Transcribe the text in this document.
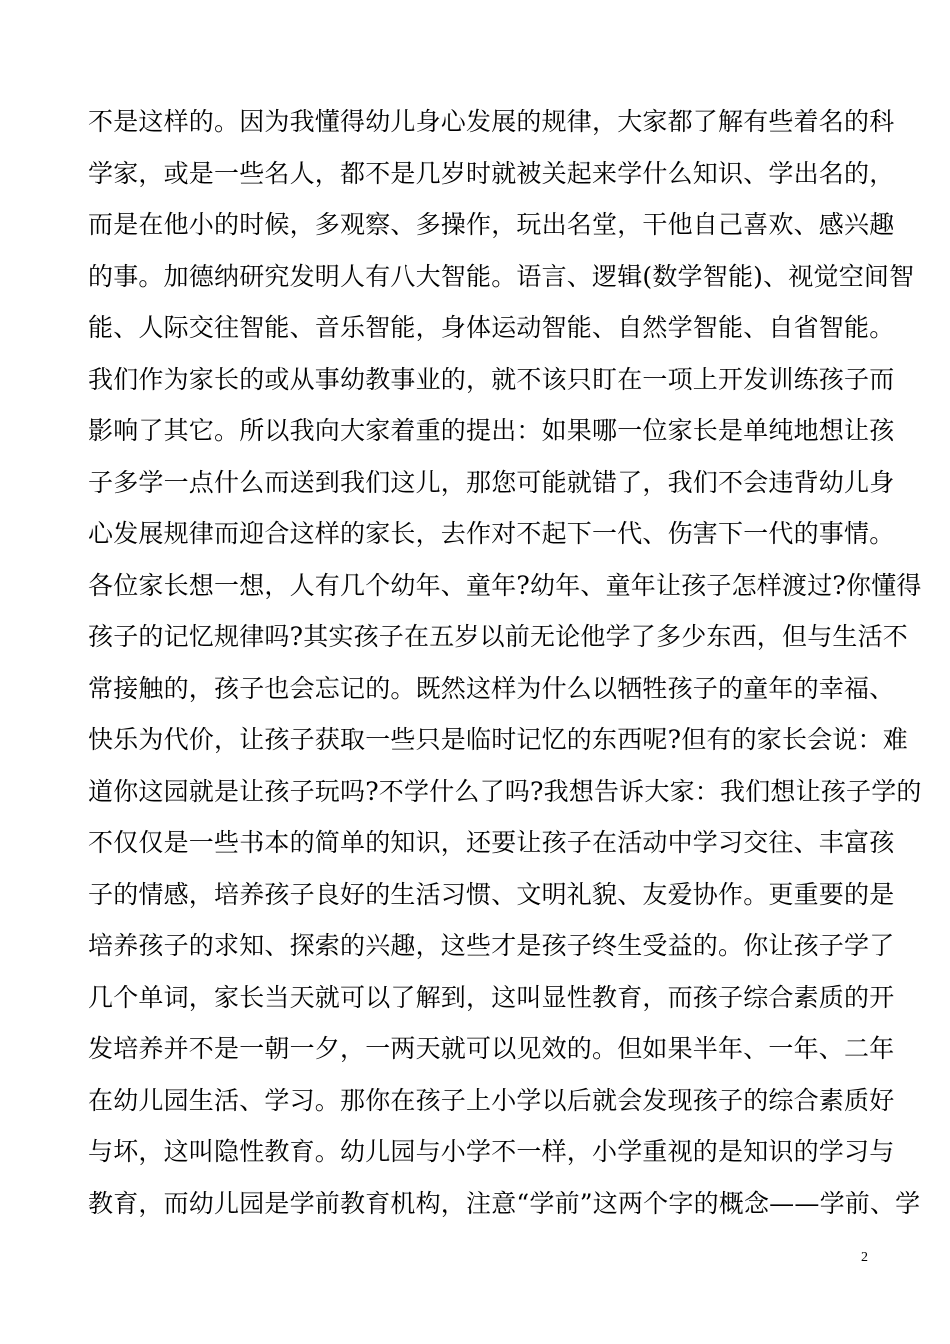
不是这样的。因为我懂得幼儿身心发展的规律，大家都了解有些着名的科
学家，或是一些名人，都不是几岁时就被关起来学什么知识、学出名的，
而是在他小的时候，多观察、多操作，玩出名堂，干他自己喜欢、感兴趣
的事。加德纳研究发明人有八大智能。语言、逻辑(数学智能)、视觉空间智
能、人际交往智能、音乐智能，身体运动智能、自然学智能、自省智能。
我们作为家长的或从事幼教事业的，就不该只盯在一项上开发训练孩子而
影响了其它。所以我向大家着重的提出：如果哪一位家长是单纯地想让孩
子多学一点什么而送到我们这儿，那您可能就错了，我们不会违背幼儿身
心发展规律而迎合这样的家长，去作对不起下一代、伤害下一代的事情。
各位家长想一想，人有几个幼年、童年?幼年、童年让孩子怎样渡过?你懂得
孩子的记忆规律吗?其实孩子在五岁以前无论他学了多少东西，但与生活不
常接触的，孩子也会忘记的。既然这样为什么以牺牲孩子的童年的幸福、
快乐为代价，让孩子获取一些只是临时记忆的东西呢?但有的家长会说：难
道你这园就是让孩子玩吗?不学什么了吗?我想告诉大家：我们想让孩子学的
不仅仅是一些书本的简单的知识，还要让孩子在活动中学习交往、丰富孩
子的情感，培养孩子良好的生活习惯、文明礼貌、友爱协作。更重要的是
培养孩子的求知、探索的兴趣，这些才是孩子终生受益的。你让孩子学了
几个单词，家长当天就可以了解到，这叫显性教育，而孩子综合素质的开
发培养并不是一朝一夕，一两天就可以见效的。但如果半年、一年、二年
在幼儿园生活、学习。那你在孩子上小学以后就会发现孩子的综合素质好
与坏，这叫隐性教育。幼儿园与小学不一样，小学重视的是知识的学习与
教育，而幼儿园是学前教育机构，注意“学前”这两个字的概念——学前、学
2
